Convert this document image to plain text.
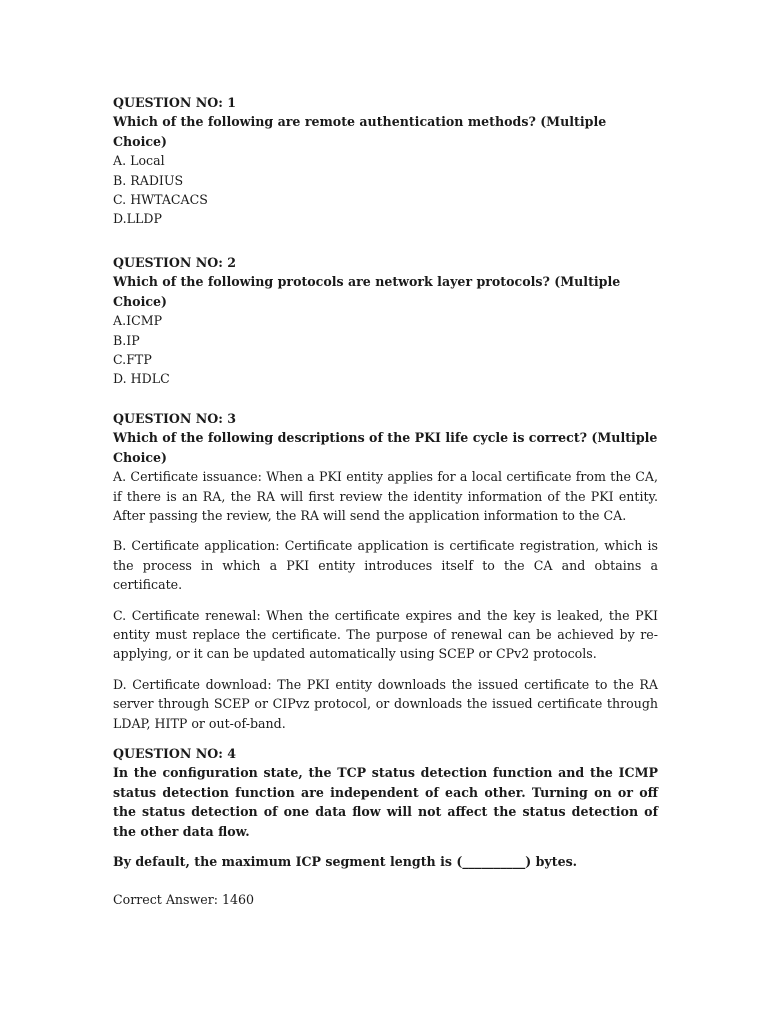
QUESTION NO: 1
Which of the following are remote authentication methods? (Multiple Choice)
A. Local
B. RADIUS
C. HWTACACS
D.LLDP
QUESTION NO: 2
Which of the following protocols are network layer protocols? (Multiple Choice)
A.ICMP
B.IP
C.FTP
D. HDLC
QUESTION NO: 3
Which of the following descriptions of the PKI life cycle is correct? (Multiple Choice)

A. Certificate issuance: When a PKI entity applies for a local certificate from the CA, if there is an RA, the RA will first review the identity information of the PKI entity. After passing the review, the RA will send the application information to the CA.

B. Certificate application: Certificate application is certificate registration, which is the process in which a PKI entity introduces itself to the CA and obtains a certificate.

C. Certificate renewal: When the certificate expires and the key is leaked, the PKI entity must replace the certificate. The purpose of renewal can be achieved by re-applying, or it can be updated automatically using SCEP or CPv2 protocols.

D. Certificate download: The PKI entity downloads the issued certificate to the RA server through SCEP or CIPvz protocol, or downloads the issued certificate through LDAP, HITP or out-of-band.

QUESTION NO: 4

In the configuration state, the TCP status detection function and the ICMP status detection function are independent of each other. Turning on or off the status detection of one data flow will not affect the status detection of the other data flow.

By default, the maximum ICP segment length is (__________) bytes.

Correct Answer: 1460
